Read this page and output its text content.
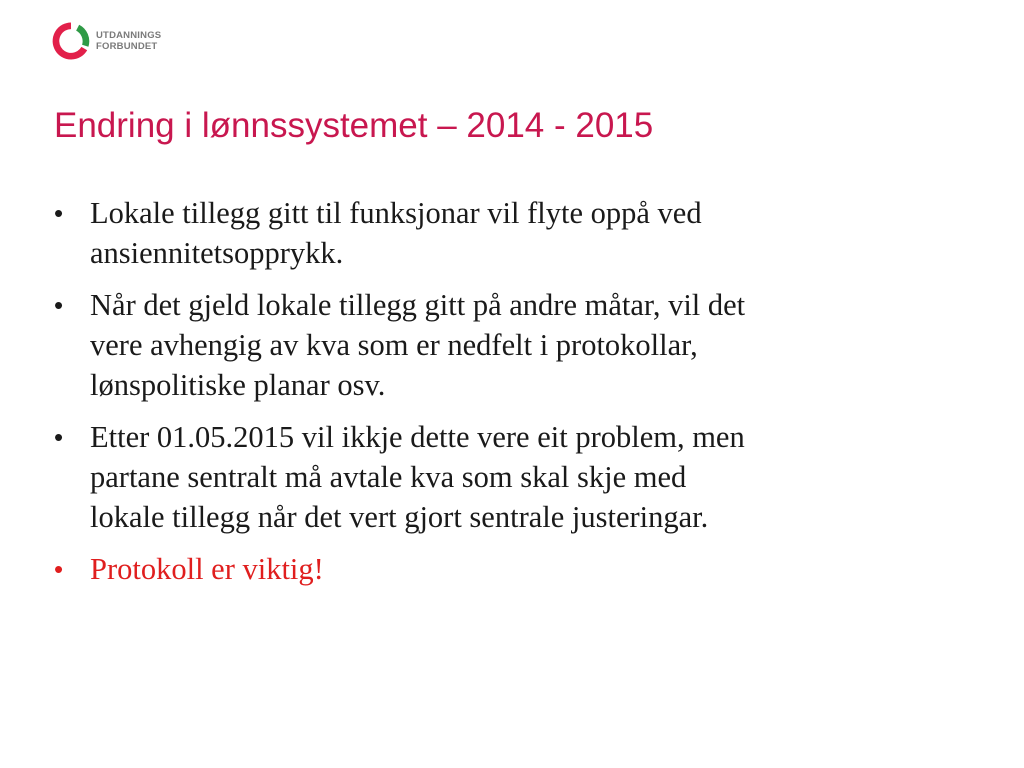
UTDANNINGS
FORBUNDET
Endring i lønnssystemet – 2014 - 2015
• Lokale tillegg gitt til funksjonar vil flyte oppå ved
ansiennitetsopprykk.
• Når det gjeld lokale tillegg gitt på andre måtar, vil det
vere avhengig av kva som er nedfelt i protokollar,
lønspolitiske planar osv.
• Etter 01.05.2015 vil ikkje dette vere eit problem, men
partane sentralt må avtale kva som skal skje med
lokale tillegg når det vert gjort sentrale justeringar.
• Protokoll er viktig!
